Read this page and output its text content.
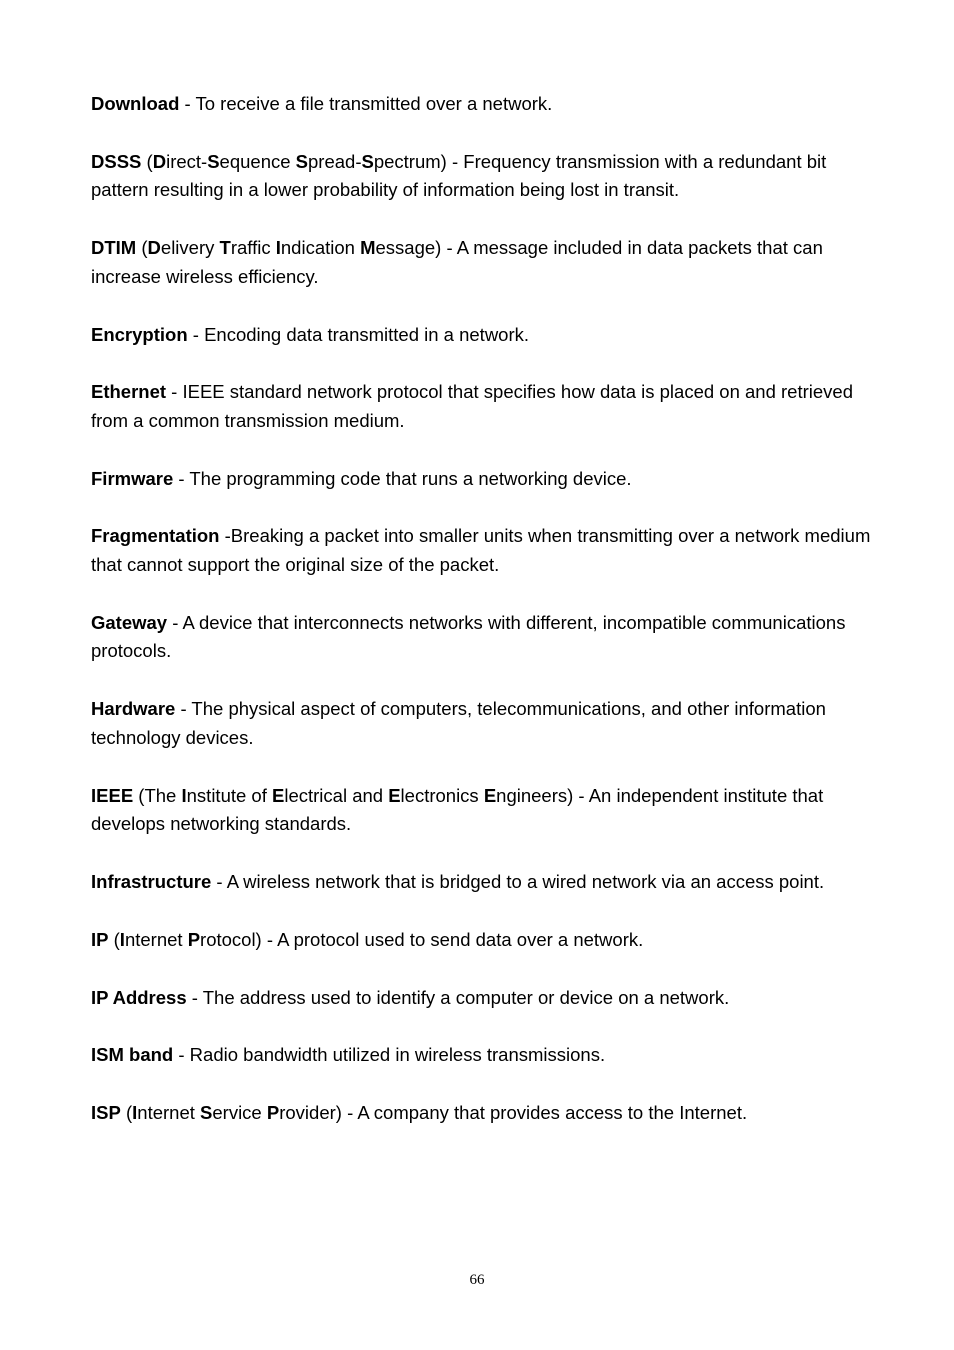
Download - To receive a file transmitted over a network.

DSSS (Direct-Sequence Spread-Spectrum) - Frequency transmission with a redundant bit pattern resulting in a lower probability of information being lost in transit.

DTIM (Delivery Traffic Indication Message) - A message included in data packets that can increase wireless efficiency.

Encryption - Encoding data transmitted in a network.

Ethernet - IEEE standard network protocol that specifies how data is placed on and retrieved from a common transmission medium.

Firmware - The programming code that runs a networking device.

Fragmentation -Breaking a packet into smaller units when transmitting over a network medium that cannot support the original size of the packet.

Gateway - A device that interconnects networks with different, incompatible communications protocols.

Hardware - The physical aspect of computers, telecommunications, and other information technology devices.

IEEE (The Institute of Electrical and Electronics Engineers) - An independent institute that develops networking standards.

Infrastructure - A wireless network that is bridged to a wired network via an access point.

IP (Internet Protocol) - A protocol used to send data over a network.

IP Address - The address used to identify a computer or device on a network.

ISM band - Radio bandwidth utilized in wireless transmissions.

ISP (Internet Service Provider) - A company that provides access to the Internet.

66
